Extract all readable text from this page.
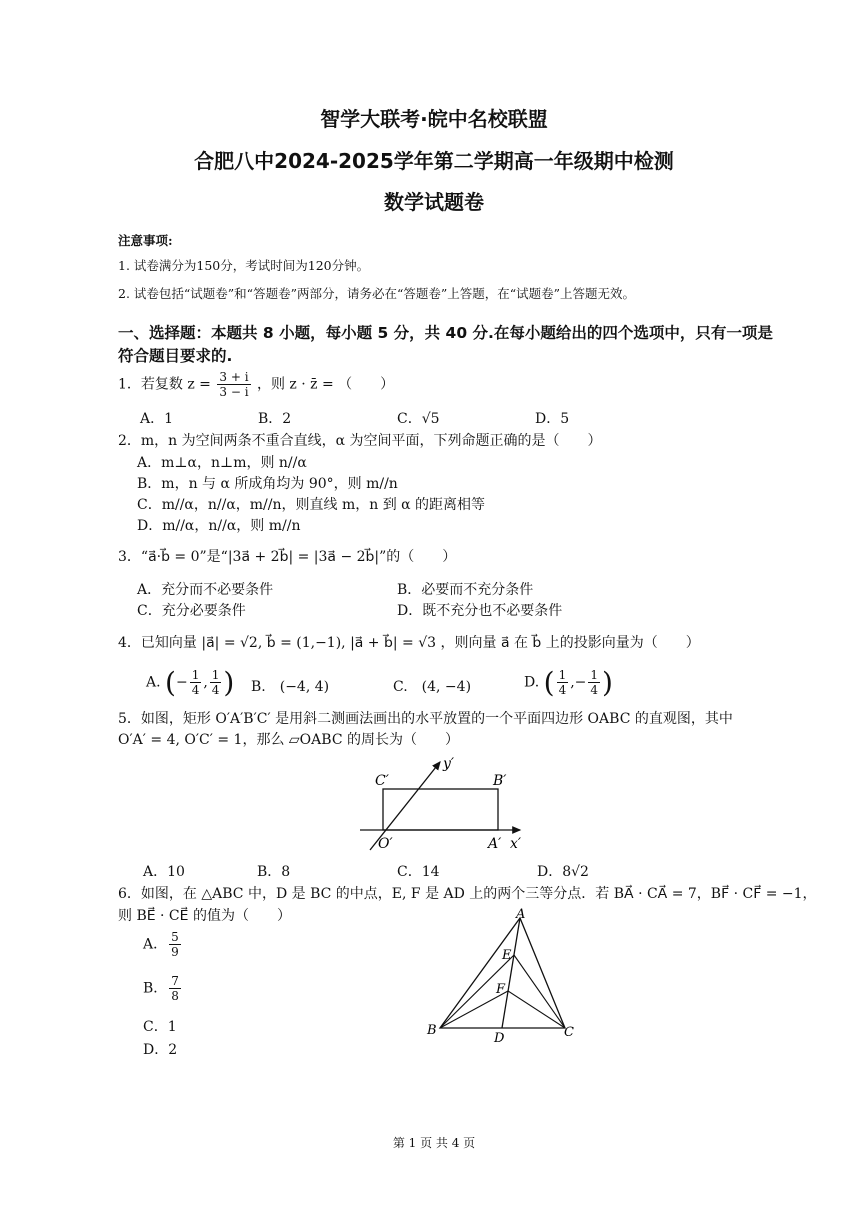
智学大联考·皖中名校联盟
合肥八中2024-2025学年第二学期高一年级期中检测
数学试题卷
注意事项:
1. 试卷满分为150分，考试时间为120分钟。
2. 试卷包括“试题卷”和“答题卷”两部分，请务必在“答题卷”上答题，在“试题卷”上答题无效。
一、选择题：本题共 8 小题，每小题 5 分，共 40 分.在每小题给出的四个选项中，只有一项是
符合题目要求的.
1．若复数 $z = \frac{3 + i}{3 - i}$ ，则 z · z̄ = （　　）
A．1	B．2	C．√5	D．5
2．m，n 为空间两条不重合直线，α 为空间平面，下列命题正确的是（　　）
A．m⊥α，n⊥m，则 n//α
B．m，n 与 α 所成角均为 90°，则 m//n
C．m//α，n//α，m//n，则直线 m，n 到 α 的距离相等
D．m//α，n//α，则 m//n
3．“a⃗·b⃗ = 0”是“|3a⃗ + 2b⃗| = |3a⃗ − 2b⃗|”的（　　）
A．充分而不必要条件	B．必要而不充分条件
C．充分必要条件	D．既不充分也不必要条件
4．已知向量 |a⃗| = √2, b⃗ = (1,−1), |a⃗ + b⃗| = √3 ，则向量 a⃗ 在 b⃗ 上的投影向量为（　　）
A. (− $\frac{1}{4}$ , $\frac{1}{4}$ ) B.　(−4, 4)	C.　(4, −4)	D. ( $\frac{1}{4}$ ,− $\frac{1}{4}$ )
5．如图，矩形 O′A′B′C′ 是用斜二测画法画出的水平放置的一个平面四边形 OABC 的直观图，其中
O′A′ = 4, O′C′ = 1，那么 ▱OABC 的周长为（　　）
C′	B′
O′	A′ x′
y′
A．10	B．8	C．14	D．8√2
6．如图，在 △ABC 中，D 是 BC 的中点，E, F 是 AD 上的两个三等分点．若 BA⃗ · CA⃗ = 7，BF⃗ · CF⃗ = −1，
则 BE⃗ · CE⃗ 的值为（　　）
A． $\frac{5}{9}$
B． $\frac{7}{8}$
C．1
D．2
A
E
F
B
D	C
第 1 页 共 4 页
